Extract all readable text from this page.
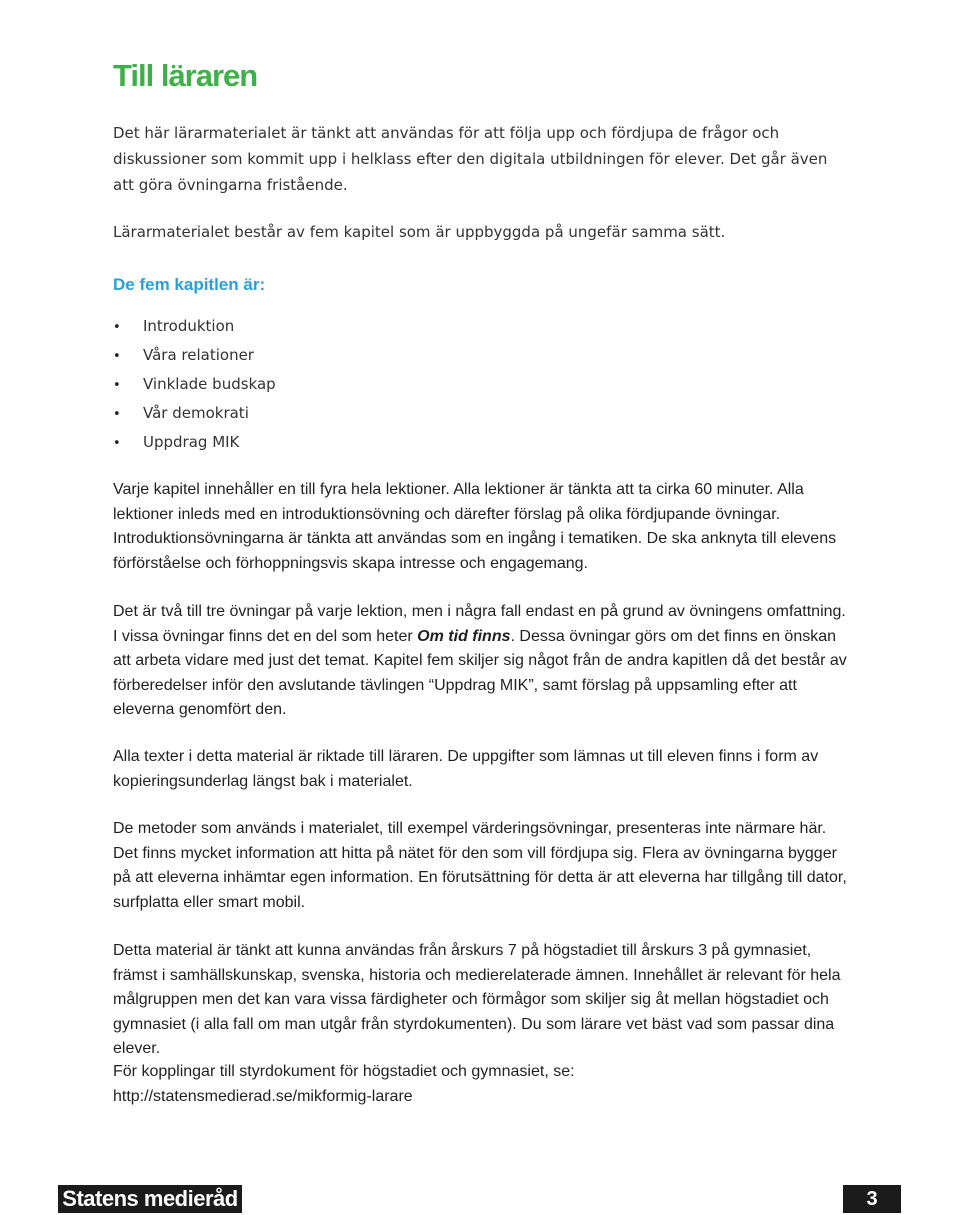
Till läraren

Det här lärarmaterialet är tänkt att användas för att följa upp och fördjupa de frågor och diskussioner som kommit upp i helklass efter den digitala utbildningen för elever. Det går även att göra övningarna fristående.

Lärarmaterialet består av fem kapitel som är uppbyggda på ungefär samma sätt.

De fem kapitlen är:
• Introduktion
• Våra relationer
• Vinklade budskap
• Vår demokrati
• Uppdrag MIK

Varje kapitel innehåller en till fyra hela lektioner. Alla lektioner är tänkta att ta cirka 60 minuter. Alla lektioner inleds med en introduktionsövning och därefter förslag på olika fördjupande övningar. Introduktionsövningarna är tänkta att användas som en ingång i tematiken. De ska anknyta till elevens förförståelse och förhoppningsvis skapa intresse och engagemang.

Det är två till tre övningar på varje lektion, men i några fall endast en på grund av övningens omfattning. I vissa övningar finns det en del som heter Om tid finns. Dessa övningar görs om det finns en önskan att arbeta vidare med just det temat. Kapitel fem skiljer sig något från de andra kapitlen då det består av förberedelser inför den avslutande tävlingen “Uppdrag MIK”, samt förslag på uppsamling efter att eleverna genomfört den.

Alla texter i detta material är riktade till läraren. De uppgifter som lämnas ut till eleven finns i form av kopieringsunderlag längst bak i materialet.

De metoder som används i materialet, till exempel värderingsövningar, presenteras inte närmare här. Det finns mycket information att hitta på nätet för den som vill fördjupa sig. Flera av övningarna bygger på att eleverna inhämtar egen information. En förutsättning för detta är att eleverna har tillgång till dator, surfplatta eller smart mobil.

Detta material är tänkt att kunna användas från årskurs 7 på högstadiet till årskurs 3 på gymnasiet, främst i samhällskunskap, svenska, historia och medierelaterade ämnen. Innehållet är relevant för hela målgruppen men det kan vara vissa färdigheter och förmågor som skiljer sig åt mellan högstadiet och gymnasiet (i alla fall om man utgår från styrdokumenten). Du som lärare vet bäst vad som passar dina elever.

För kopplingar till styrdokument för högstadiet och gymnasiet, se:
http://statensmedierad.se/mikformig-larare

Statens medieråd	3
